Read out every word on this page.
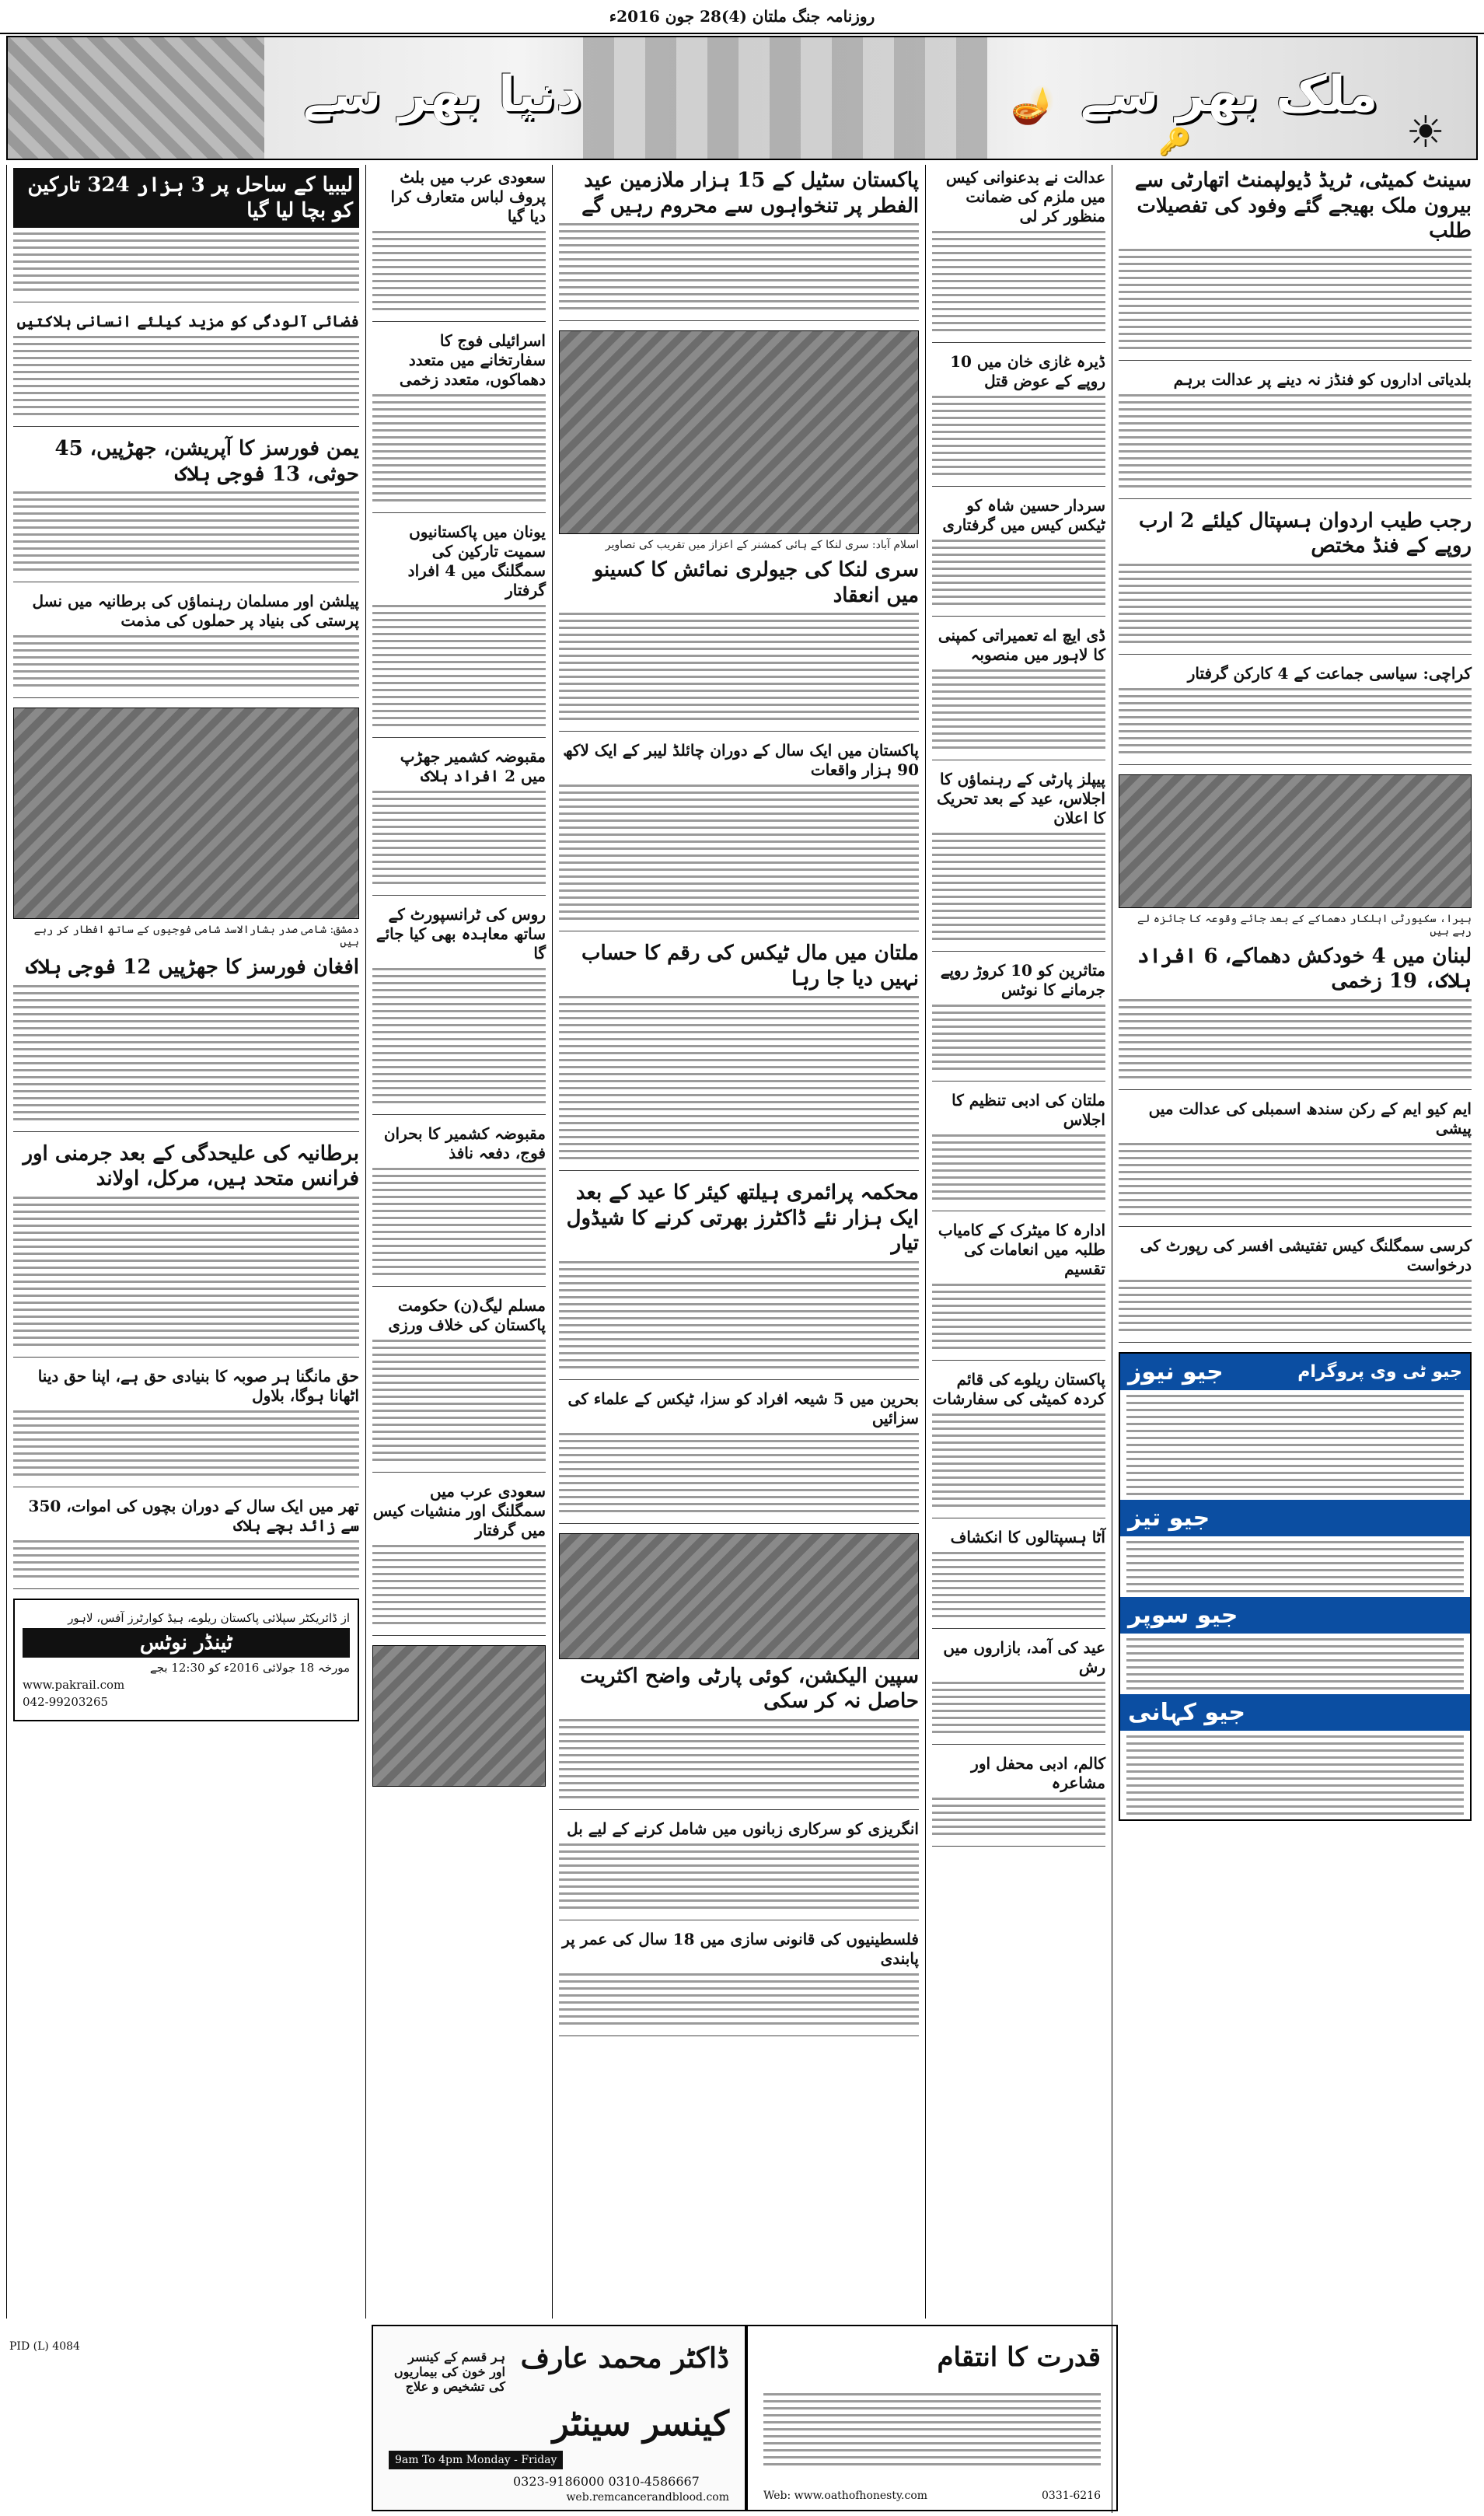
روزنامہ جنگ ملتان (4)28 جون 2016ء
دنیا بھر سے	🪔 ملک بھر سے
🔑	☀
لیبیا کے ساحل پر 3 ہزار 324 تارکین کو بچا لیا گیا
فضائی آلودگی کو مزید کیلئے انسانی ہلاکتیں
یمن فورسز کا آپریشن، جھڑپیں، 45 حوثی، 13 فوجی ہلاک
پیلشن اور مسلمان رہنماؤں کی برطانیہ میں نسل پرستی کی بنیاد پر حملوں کی مذمت
دمشق: شامی صدر بشارالاسد شامی فوجیوں کے ساتھ افطار کر رہے ہیں
افغان فورسز کا جھڑپیں 12 فوجی ہلاک
برطانیہ کی علیحدگی کے بعد جرمنی اور فرانس متحد ہیں، مرکل، اولاند
حق مانگنا ہر صوبہ کا بنیادی حق ہے، اپنا حق دینا اٹھانا ہوگا، بلاول
تھر میں ایک سال کے دوران بچوں کی اموات، 350 سے زائد بچے ہلاک
از ڈائریکٹر سپلائی پاکستان ریلوے، ہیڈ کوارٹرز آفس، لاہور
ٹینڈر نوٹس
مورخہ 18 جولائی 2016ء کو 12:30 بجے
www.pakrail.com
042-99203265
PID (L) 4084
سعودی عرب میں بلٹ پروف لباس متعارف کرا دیا گیا
اسرائیلی فوج کا سفارتخانے میں متعدد دھماکوں، متعدد زخمی
یونان میں پاکستانیوں سمیت تارکین کی سمگلنگ میں 4 افراد گرفتار
مقبوضہ کشمیر جھڑپ میں 2 افراد ہلاک
روس کی ٹرانسپورٹ کے ساتھ معاہدہ بھی کیا جائے گا
مقبوضہ کشمیر کا بحران فوج، دفعہ نافذ
مسلم لیگ(ن) حکومت پاکستان کی خلاف ورزی
سعودی عرب میں سمگلنگ اور منشیات کیس میں گرفتار
پاکستان سٹیل کے 15 ہزار ملازمین عید الفطر پر تنخواہوں سے محروم رہیں گے
اسلام آباد: سری لنکا کے ہائی کمشنر کے اعزاز میں تقریب کی تصاویر
سری لنکا کی جیولری نمائش کا کسینو میں انعقاد
پاکستان میں ایک سال کے دوران چائلڈ لیبر کے ایک لاکھ 90 ہزار واقعات
ملتان میں مال ٹیکس کی رقم کا حساب نہیں دیا جا رہا
محکمہ پرائمری ہیلتھ کیئر کا عید کے بعد ایک ہزار نئے ڈاکٹرز بھرتی کرنے کا شیڈول تیار
بحرین میں 5 شیعہ افراد کو سزا، ٹیکس کے علماء کی سزائیں
سپین الیکشن، کوئی پارٹی واضح اکثریت حاصل نہ کر سکی
انگریزی کو سرکاری زبانوں میں شامل کرنے کے لیے بل
فلسطینیوں کی قانونی سازی میں 18 سال کی عمر پر پابندی
عدالت نے بدعنوانی کیس میں ملزم کی ضمانت منظور کر لی
ڈیرہ غازی خان میں 10 روپے کے عوض قتل
سردار حسین شاہ کو ٹیکس کیس میں گرفتاری
ڈی ایچ اے تعمیراتی کمپنی کا لاہور میں منصوبہ
پیپلز پارٹی کے رہنماؤں کا اجلاس، عید کے بعد تحریک کا اعلان
متاثرین کو 10 کروڑ روپے جرمانے کا نوٹس
ملتان کی ادبی تنظیم کا اجلاس
ادارہ کا میٹرک کے کامیاب طلبہ میں انعامات کی تقسیم
پاکستان ریلوے کی قائم کردہ کمیٹی کی سفارشات
آٹا ہسپتالوں کا انکشاف
عید کی آمد، بازاروں میں رش
کالم، ادبی محفل اور مشاعرہ
سینٹ کمیٹی، ٹریڈ ڈیولپمنٹ اتھارٹی سے بیرون ملک بھیجے گئے وفود کی تفصیلات طلب
بلدیاتی اداروں کو فنڈز نہ دینے پر عدالت برہم
رجب طیب اردوان ہسپتال کیلئے 2 ارب روپے کے فنڈ مختص
کراچی: سیاسی جماعت کے 4 کارکن گرفتار
ہیرا، سکیورٹی اہلکار دھماکے کے بعد جائے وقوعہ کا جائزہ لے رہے ہیں
لبنان میں 4 خودکش دھماکے، 6 افراد ہلاک، 19 زخمی
ایم کیو ایم کے رکن سندھ اسمبلی کی عدالت میں پیشی
کرسی سمگلنگ کیس تفتیشی افسر کی رپورٹ کی درخواست
جیو نیوز	جیو ٹی وی پروگرام
جیو تیز
جیو سوپر
جیو کہانی
ہر قسم کے کینسر اور خون کی بیماریوں کی تشخیص و علاج
9am To 4pm Monday - Friday
ڈاکٹر محمد عارف
کینسر سینٹر
0323-9186000 0310-4586667
web.remcancerandblood.com
قدرت کا انتقام
Web: www.oathofhonesty.com	0331-6216
